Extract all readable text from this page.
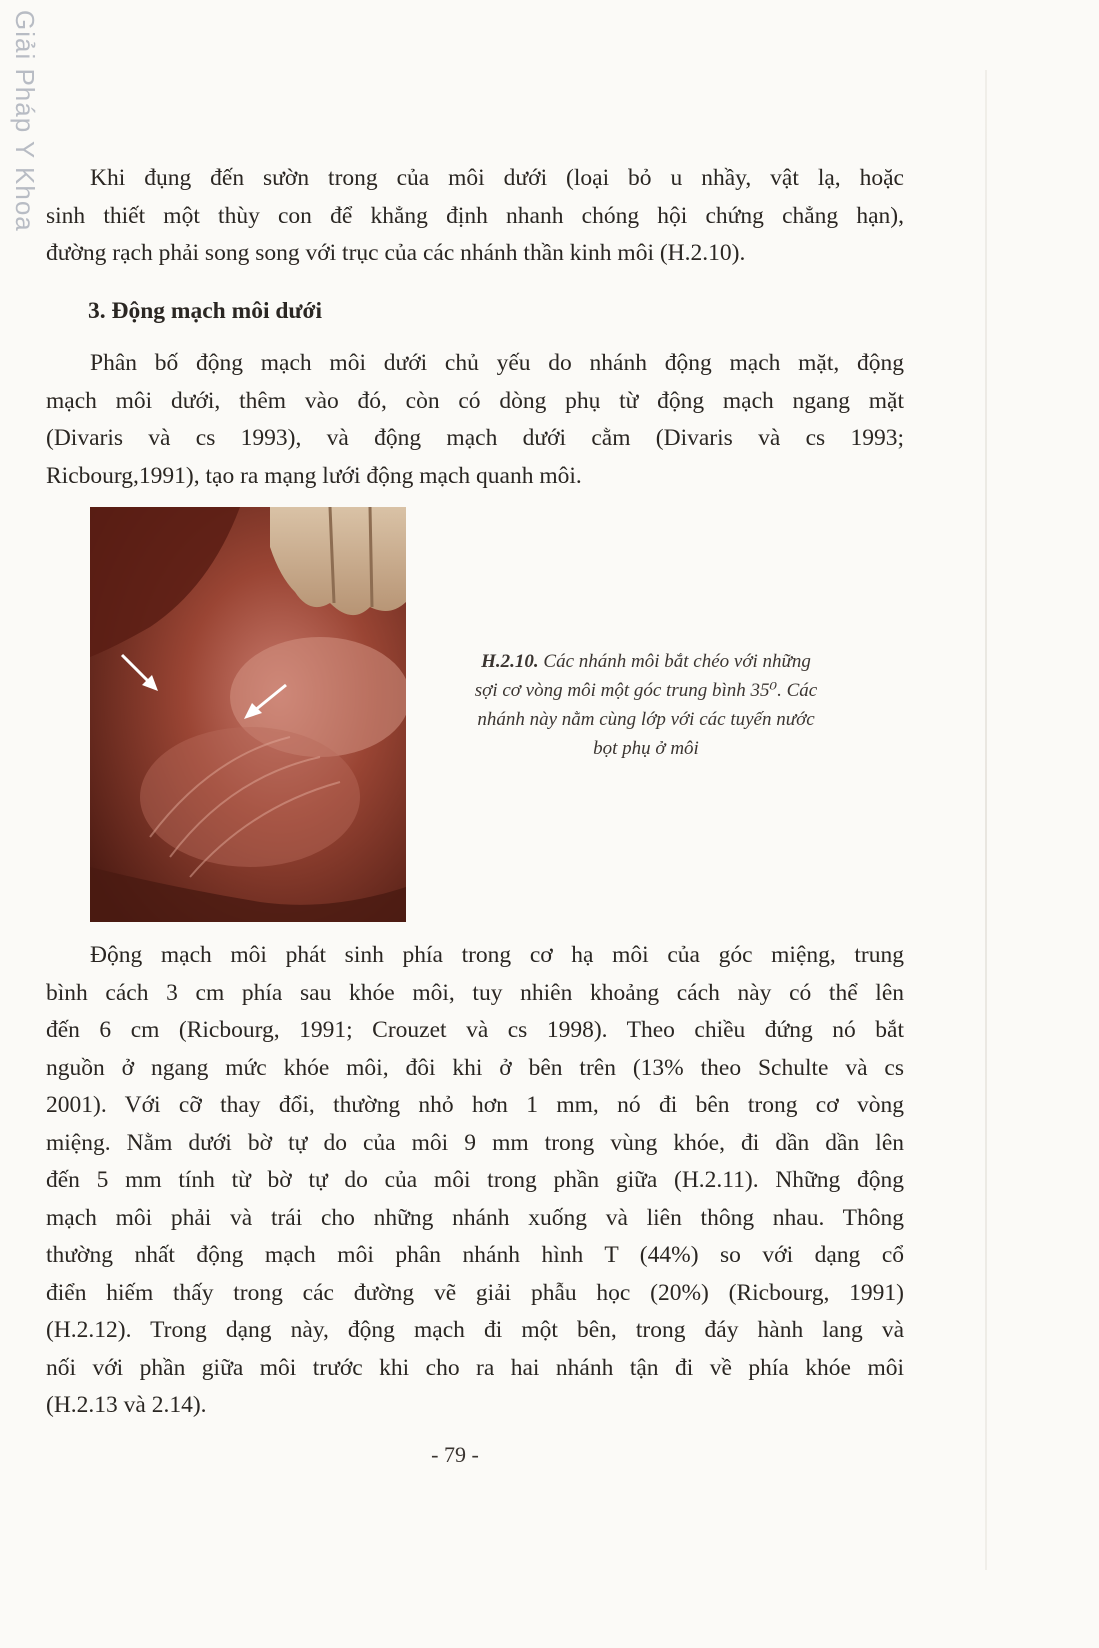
Giải Pháp Y Khoa	Khi đụng đến sườn trong của môi dưới (loại bỏ u nhầy, vật lạ, hoặc
sinh thiết một thùy con để khẳng định nhanh chóng hội chứng chẳng hạn),
đường rạch phải song song với trục của các nhánh thần kinh môi (H.2.10).
3. Động mạch môi dưới
Phân bố động mạch môi dưới chủ yếu do nhánh động mạch mặt, động
mạch môi dưới, thêm vào đó, còn có dòng phụ từ động mạch ngang mặt
(Divaris và cs 1993), và động mạch dưới cằm (Divaris và cs 1993;
Ricbourg,1991), tạo ra mạng lưới động mạch quanh môi.
H.2.10. Các nhánh môi bắt chéo với những
sợi cơ vòng môi một góc trung bình 35⁰. Các
nhánh này nằm cùng lớp với các tuyến nước
bọt phụ ở môi
Động mạch môi phát sinh phía trong cơ hạ môi của góc miệng, trung
bình cách 3 cm phía sau khóe môi, tuy nhiên khoảng cách này có thể lên
đến 6 cm (Ricbourg, 1991; Crouzet và cs 1998). Theo chiều đứng nó bắt
nguồn ở ngang mức khóe môi, đôi khi ở bên trên (13% theo Schulte và cs
2001). Với cỡ thay đổi, thường nhỏ hơn 1 mm, nó đi bên trong cơ vòng
miệng. Nằm dưới bờ tự do của môi 9 mm trong vùng khóe, đi dần dần lên
đến 5 mm tính từ bờ tự do của môi trong phần giữa (H.2.11). Những động
mạch môi phải và trái cho những nhánh xuống và liên thông nhau. Thông
thường nhất động mạch môi phân nhánh hình T (44%) so với dạng cổ
điển hiếm thấy trong các đường vẽ giải phẫu học (20%) (Ricbourg, 1991)
(H.2.12). Trong dạng này, động mạch đi một bên, trong đáy hành lang và
nối với phần giữa môi trước khi cho ra hai nhánh tận đi về phía khóe môi
(H.2.13 và 2.14).
- 79 -
